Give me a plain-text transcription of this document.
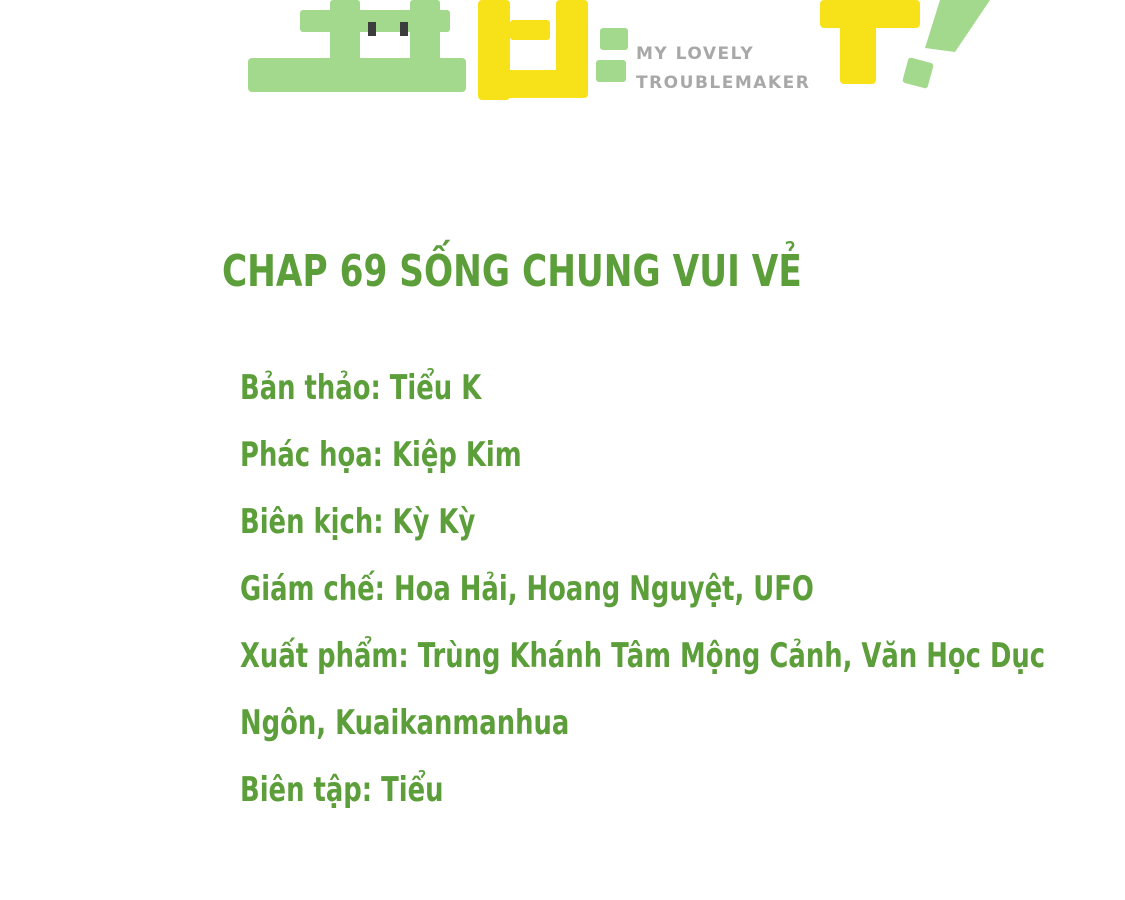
MY LOVELY
TROUBLEMAKER
CHAP 69 SỐNG CHUNG VUI VẺ
Bản thảo: Tiểu K
Phác họa: Kiệp Kim
Biên kịch: Kỳ Kỳ
Giám chế: Hoa Hải, Hoang Nguyệt, UFO
Xuất phẩm: Trùng Khánh Tâm Mộng Cảnh, Văn Học Dục
Ngôn, Kuaikanmanhua
Biên tập: Tiểu
